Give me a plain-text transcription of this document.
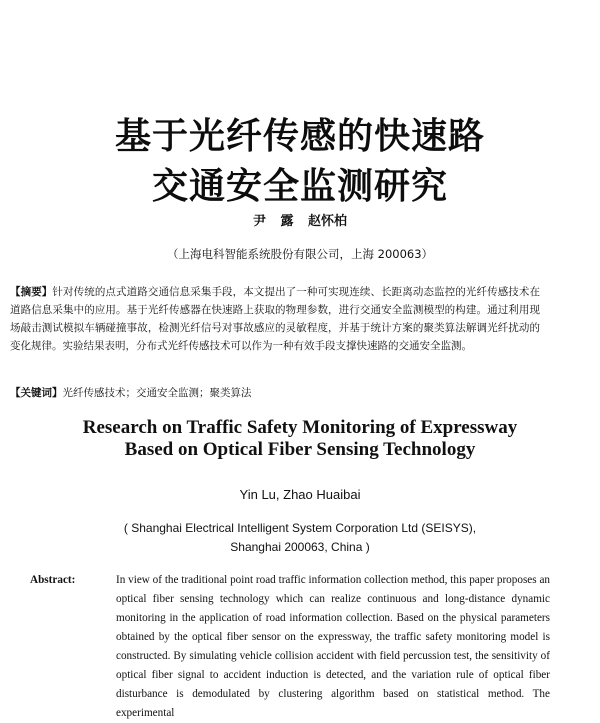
基于光纤传感的快速路
交通安全监测研究
尹 露 赵怀柏
（上海电科智能系统股份有限公司，上海 200063）
【摘要】针对传统的点式道路交通信息采集手段，本文提出了一种可实现连续、长距离动态监控的光纤传感技术在道路信息采集中的应用。基于光纤传感器在快速路上获取的物理参数，进行交通安全监测模型的构建。通过利用现场敲击测试模拟车辆碰撞事故，检测光纤信号对事故感应的灵敏程度，并基于统计方案的聚类算法解调光纤扰动的变化规律。实验结果表明，分布式光纤传感技术可以作为一种有效手段支撑快速路的交通安全监测。
【关键词】光纤传感技术；交通安全监测；聚类算法
Research on Traffic Safety Monitoring of Expressway Based on Optical Fiber Sensing Technology
Yin Lu, Zhao Huaibai
( Shanghai Electrical Intelligent System Corporation Ltd (SEISYS),
Shanghai 200063, China )
Abstract:	In view of the traditional point road traffic information collection method, this paper proposes an optical fiber sensing technology which can realize continuous and long-distance dynamic monitoring in the application of road information collection. Based on the physical parameters obtained by the optical fiber sensor on the expressway, the traffic safety monitoring model is constructed. By simulating vehicle collision accident with field percussion test, the sensitivity of optical fiber signal to accident induction is detected, and the variation rule of optical fiber disturbance is demodulated by clustering algorithm based on statistical method. The experimental
